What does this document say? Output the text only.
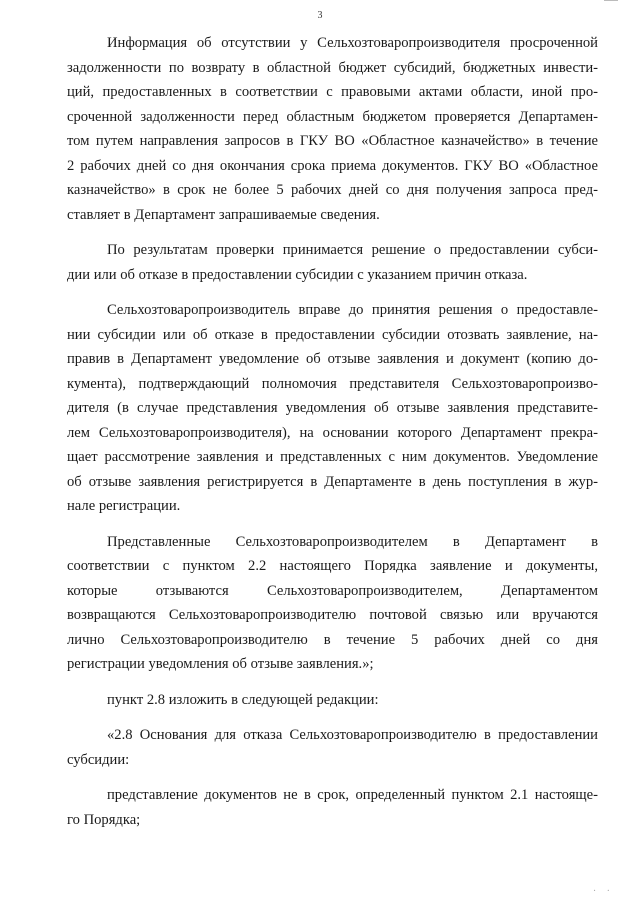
3
Информация об отсутствии у Сельхозтоваропроизводителя просроченной
задолженности по возврату в областной бюджет субсидий, бюджетных инвести-
ций, предоставленных в соответствии с правовыми актами области, иной про-
сроченной задолженности перед областным бюджетом проверяется Департамен-
том путем направления запросов в ГКУ ВО «Областное казначейство» в течение
2 рабочих дней со дня окончания срока приема документов. ГКУ ВО «Областное
казначейство» в срок не более 5 рабочих дней со дня получения запроса пред-
ставляет в Департамент запрашиваемые сведения.
По результатам проверки принимается решение о предоставлении субси-
дии или об отказе в предоставлении субсидии с указанием причин отказа.
Сельхозтоваропроизводитель вправе до принятия решения о предоставле-
нии субсидии или об отказе в предоставлении субсидии отозвать заявление, на-
правив в Департамент уведомление об отзыве заявления и документ (копию до-
кумента), подтверждающий полномочия представителя Сельхозтоваропроизво-
дителя (в случае представления уведомления об отзыве заявления представите-
лем Сельхозтоваропроизводителя), на основании которого Департамент прекра-
щает рассмотрение заявления и представленных с ним документов. Уведомление
об отзыве заявления регистрируется в Департаменте в день поступления в жур-
нале регистрации.
Представленные Сельхозтоваропроизводителем в Департамент в
соответствии с пунктом 2.2 настоящего Порядка заявление и документы,
которые отзываются Сельхозтоваропроизводителем, Департаментом
возвращаются Сельхозтоваропроизводителю почтовой связью или вручаются
лично Сельхозтоваропроизводителю в течение 5 рабочих дней со дня
регистрации уведомления об отзыве заявления.»;
пункт 2.8 изложить в следующей редакции:
«2.8 Основания для отказа Сельхозтоваропроизводителю в предоставлении
субсидии:
представление документов не в срок, определенный пунктом 2.1 настояще-
го Порядка;
· ·
